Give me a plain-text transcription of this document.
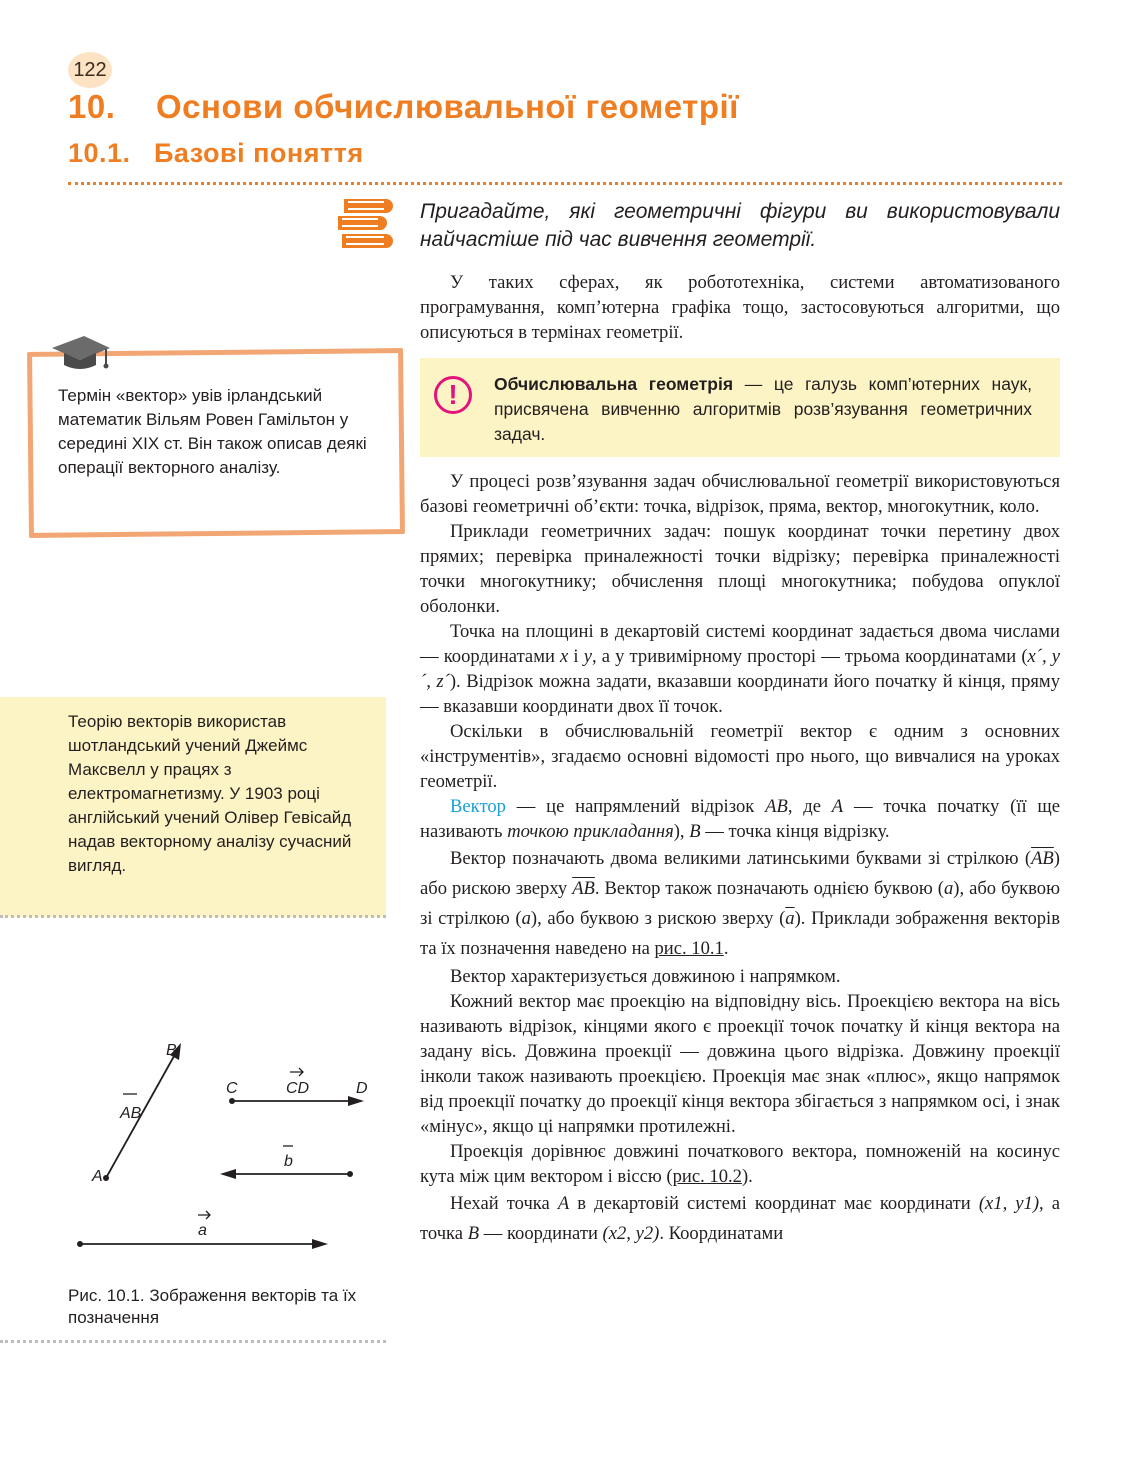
122
10. Основи обчислювальної геометрії
10.1. Базові поняття
Пригадайте, які геометричні фігури ви використовували найчастіше під час вивчення геометрії.

У таких сферах, як робототехніка, системи автоматизованого програмування, комп’ютерна графіка тощо, застосовуються алгоритми, що описуються в термінах геометрії.

!	Обчислювальна геометрія — це галузь комп’ютерних наук, присвячена вивченню алгоритмів розв’язування геометричних задач.
Термін «вектор» увів ірландський математик Вільям Ровен Гамільтон у середині XIX ст. Він також описав деякі операції векторного аналізу.
Теорію векторів використав шотландський учений Джеймс Максвелл у працях з електромагнетизму. У 1903 році англійський учений Олівер Гевісайд надав векторному аналізу сучасний вигляд.
A
B
AB
C	D
CD
b
a
Рис. 10.1. Зображення векторів та їх позначення

У процесі розв’язування задач обчислювальної геометрії використовуються базові геометричні об’єкти: точка, відрізок, пряма, вектор, многокутник, коло.

Приклади геометричних задач: пошук координат точки перетину двох прямих; перевірка приналежності точки відрізку; перевірка приналежності точки многокутнику; обчислення площі многокутника; побудова опуклої оболонки.

Точка на площині в декартовій системі координат задається двома числами — координатами x і y, а у тривимірному просторі — трьома координатами (x´, y´, z´). Відрізок можна задати, вказавши координати його початку й кінця, пряму — вказавши координати двох її точок.

Оскільки в обчислювальній геометрії вектор є одним з основних «інструментів», згадаємо основні відомості про нього, що вивчалися на уроках геометрії.

Вектор — це напрямлений відрізок AB, де A — точка початку (її ще називають точкою прикладання), B — точка кінця відрізку.

Вектор позначають двома великими латинськими буквами зі стрілкою $(\overline{AB})$ або рискою зверху $\overline{AB}$. Вектор також позначають однією буквою (a), або буквою зі стрілкою (a), або буквою з рискою зверху $(\overline{a})$. Приклади зображення векторів та їх позначення наведено на рис. 10.1.

Вектор характеризується довжиною і напрямком.

Кожний вектор має проекцію на відповідну вісь. Проекцією вектора на вісь називають відрізок, кінцями якого є проекції точок початку й кінця вектора на задану вісь. Довжина проекції — довжина цього відрізка. Довжину проекції інколи також називають проекцією. Проекція має знак «плюс», якщо напрямок від проекції початку до проекції кінця вектора збігається з напрямком осі, і знак «мінус», якщо ці напрямки протилежні.

Проекція дорівнює довжині початкового вектора, помноженій на косинус кута між цим вектором і віссю (рис. 10.2).

Нехай точка A в декартовій системі координат має координати (x1, y1), а точка B — координати (x2, y2). Координатами
